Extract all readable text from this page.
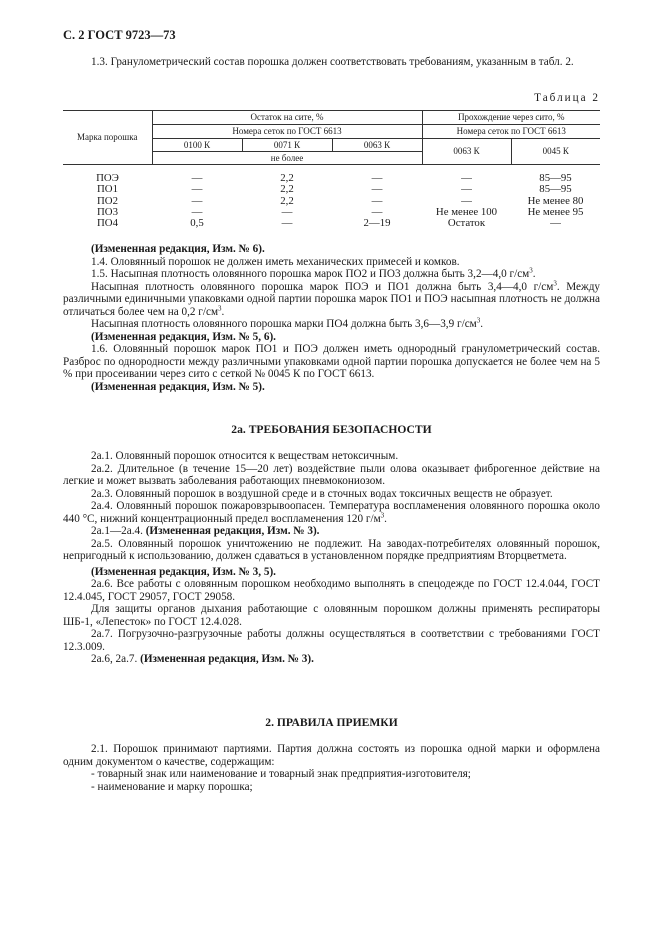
С. 2 ГОСТ 9723—73

1.3. Гранулометрический состав порошка должен соответствовать требованиям, указанным в табл. 2.

Таблица 2
Марка порошка	Остаток на сите, %			Прохождение через сито, %	
	Номера сеток по ГОСТ 6613			Номера сеток по ГОСТ 6613	
	0100 К	0071 К	0063 К	0063 К	0045 К
	не более				
ПОЭ	—	2,2	—	—	85—95
ПО1	—	2,2	—	—	85—95
ПО2	—	2,2	—	—	Не менее 80
ПО3	—	—	—	Не менее 100	Не менее 95
ПО4	0,5	—	2—19	Остаток	—

(Измененная редакция, Изм. № 6).

1.4. Оловянный порошок не должен иметь механических примесей и комков.

1.5. Насыпная плотность оловянного порошка марок ПО2 и ПО3 должна быть 3,2—4,0 $г/см^3$.

Насыпная плотность оловянного порошка марок ПОЭ и ПО1 должна быть 3,4—4,0 $г/см^3$. Между различными единичными упаковками одной партии порошка марок ПО1 и ПОЭ насыпная плотность не должна отличаться более чем на 0,2 $г/см^3$.

Насыпная плотность оловянного порошка марки ПО4 должна быть 3,6—3,9 $г/см^3$.

(Измененная редакция, Изм. № 5, 6).

1.6. Оловянный порошок марок ПО1 и ПОЭ должен иметь однородный гранулометрический состав. Разброс по однородности между различными упаковками одной партии порошка допускается не более чем на 5 % при просеивании через сито с сеткой № 0045 К по ГОСТ 6613.

(Измененная редакция, Изм. № 5).

2а. ТРЕБОВАНИЯ БЕЗОПАСНОСТИ

2а.1. Оловянный порошок относится к веществам нетоксичным.

2а.2. Длительное (в течение 15—20 лет) воздействие пыли олова оказывает фиброгенное действие на легкие и может вызвать заболевания работающих пневмокониозом.

2а.3. Оловянный порошок в воздушной среде и в сточных водах токсичных веществ не образует.

2а.4. Оловянный порошок пожаровзрывоопасен. Температура воспламенения оловянного порошка около 440 °С, нижний концентрационный предел воспламенения 120 $г/м^3$.

2а.1—2а.4. (Измененная редакция, Изм. № 3).

2а.5. Оловянный порошок уничтожению не подлежит. На заводах-потребителях оловянный порошок, непригодный к использованию, должен сдаваться в установленном порядке предприятиям Вторцветмета.

(Измененная редакция, Изм. № 3, 5).

2а.6. Все работы с оловянным порошком необходимо выполнять в спецодежде по ГОСТ 12.4.044, ГОСТ 12.4.045, ГОСТ 29057, ГОСТ 29058.

Для защиты органов дыхания работающие с оловянным порошком должны применять респираторы ШБ-1, «Лепесток» по ГОСТ 12.4.028.

2а.7. Погрузочно-разгрузочные работы должны осуществляться в соответствии с требованиями ГОСТ 12.3.009.

2а.6, 2а.7. (Измененная редакция, Изм. № 3).

2. ПРАВИЛА ПРИЕМКИ

2.1. Порошок принимают партиями. Партия должна состоять из порошка одной марки и оформлена одним документом о качестве, содержащим:

- товарный знак или наименование и товарный знак предприятия-изготовителя;

- наименование и марку порошка;
